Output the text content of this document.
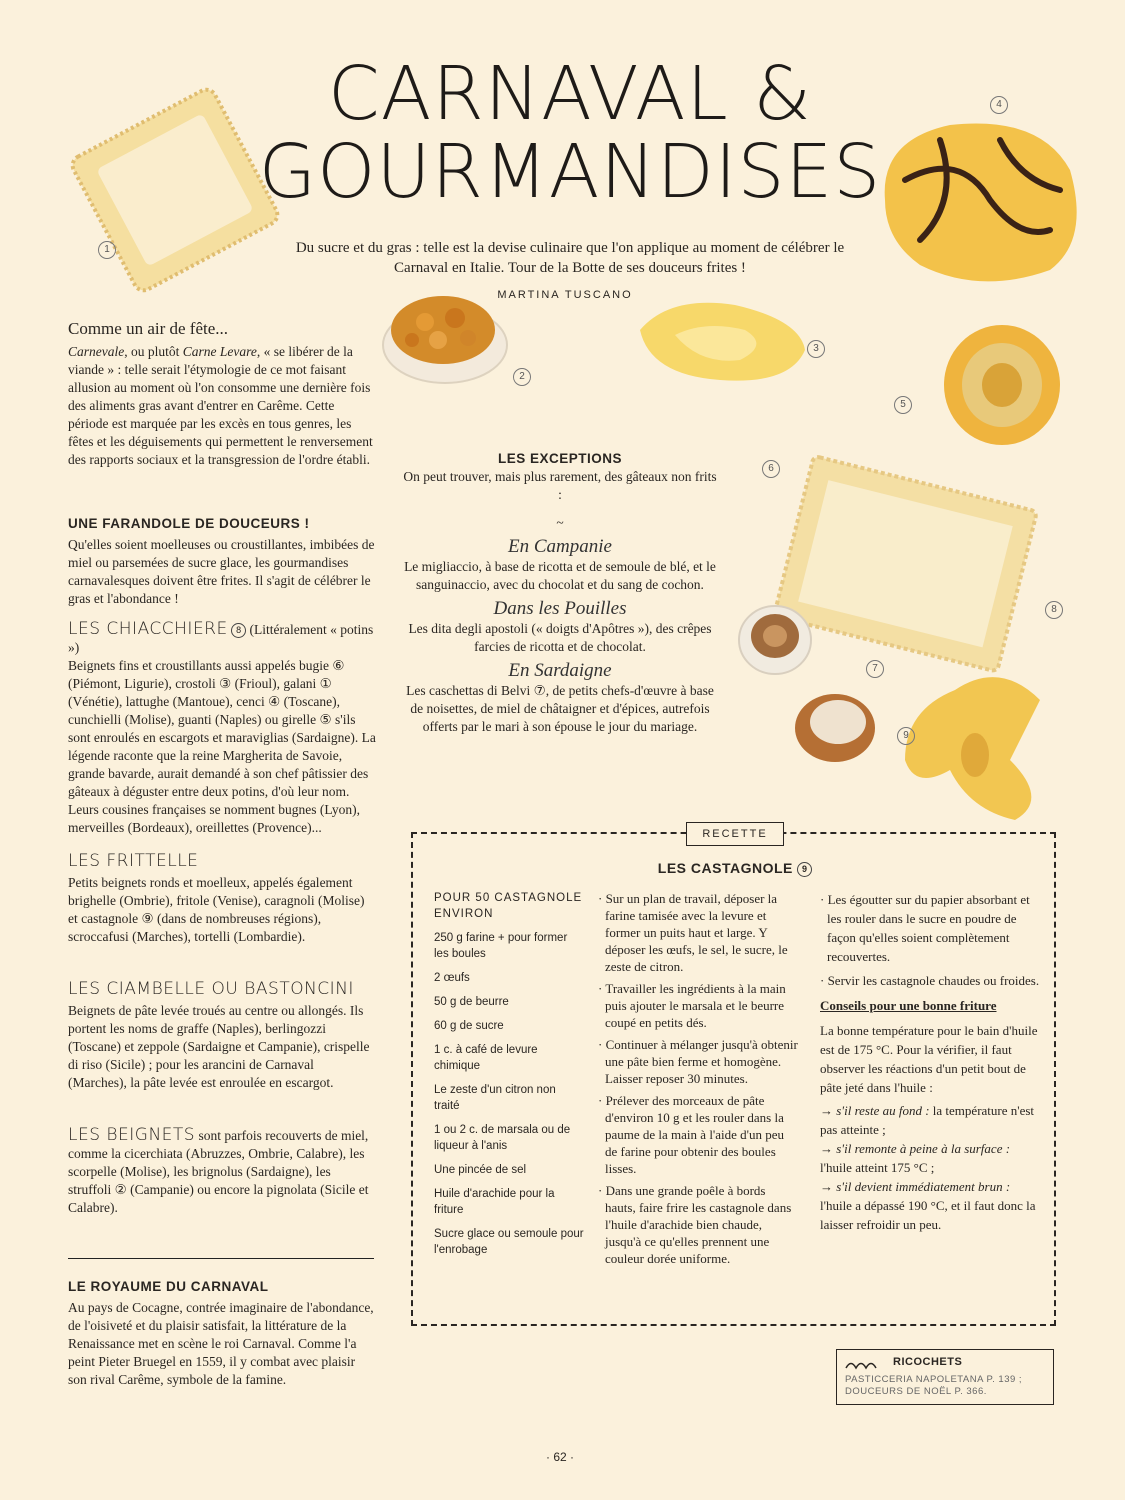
1
2
3
4
5
6
7
8
9
CARNAVAL &
GOURMANDISES
Du sucre et du gras : telle est la devise culinaire que l'on applique au moment de célébrer le Carnaval en Italie. Tour de la Botte de ses douceurs frites !
MARTINA TUSCANO
Comme un air de fête...

Carnevale, ou plutôt Carne Levare, « se libérer de la viande » : telle serait l'étymologie de ce mot faisant allusion au moment où l'on consomme une dernière fois des aliments gras avant d'entrer en Carême. Cette période est marquée par les excès en tous genres, les fêtes et les déguisements qui permettent le renversement des rapports sociaux et la transgression de l'ordre établi.

UNE FARANDOLE DE DOUCEURS !

Qu'elles soient moelleuses ou croustillantes, imbibées de miel ou parsemées de sucre glace, les gourmandises carnavalesques doivent être frites. Il s'agit de célébrer le gras et l'abondance !

LES CHIACCHIERE 8 (Littéralement « potins »)

Beignets fins et croustillants aussi appelés bugie ⑥ (Piémont, Ligurie), crostoli ③ (Frioul), galani ① (Vénétie), lattughe (Mantoue), cenci ④ (Toscane), cunchielli (Molise), guanti (Naples) ou girelle ⑤ s'ils sont enroulés en escargots et maraviglias (Sardaigne). La légende raconte que la reine Margherita de Savoie, grande bavarde, aurait demandé à son chef pâtissier des gâteaux à déguster entre deux potins, d'où leur nom. Leurs cousines françaises se nomment bugnes (Lyon), merveilles (Bordeaux), oreillettes (Provence)...

LES FRITTELLE

Petits beignets ronds et moelleux, appelés également brighelle (Ombrie), fritole (Venise), caragnoli (Molise) et castagnole ⑨ (dans de nombreuses régions), scroccafusi (Marches), tortelli (Lombardie).

LES CIAMBELLE OU BASTONCINI

Beignets de pâte levée troués au centre ou allongés. Ils portent les noms de graffe (Naples), berlingozzi (Toscane) et zeppole (Sardaigne et Campanie), crispelle di riso (Sicile) ; pour les arancini de Carnaval (Marches), la pâte levée est enroulée en escargot.

LES BEIGNETS sont parfois recouverts de miel, comme la cicerchiata (Abruzzes, Ombrie, Calabre), les scorpelle (Molise), les brignolus (Sardaigne), les struffoli ② (Campanie) ou encore la pignolata (Sicile et Calabre).

LE ROYAUME DU CARNAVAL

Au pays de Cocagne, contrée imaginaire de l'abondance, de l'oisiveté et du plaisir satisfait, la littérature de la Renaissance met en scène le roi Carnaval. Comme l'a peint Pieter Bruegel en 1559, il y combat avec plaisir son rival Carême, symbole de la famine.

LES EXCEPTIONS
On peut trouver, mais plus rarement, des gâteaux non frits :
~
En Campanie
Le migliaccio, à base de ricotta et de semoule de blé, et le sanguinaccio, avec du chocolat et du sang de cochon.
Dans les Pouilles
Les dita degli apostoli (« doigts d'Apôtres »), des crêpes farcies de ricotta et de chocolat.
En Sardaigne
Les caschettas di Belvi ⑦, de petits chefs-d'œuvre à base de noisettes, de miel de châtaigner et d'épices, autrefois offerts par le mari à son épouse le jour du mariage.
RECETTE
LES CASTAGNOLE 9
POUR 50 CASTAGNOLE ENVIRON
250 g farine + pour former les boules
2 œufs
50 g de beurre
60 g de sucre
1 c. à café de levure chimique
Le zeste d'un citron non traité
1 ou 2 c. de marsala ou de liqueur à l'anis
Une pincée de sel
Huile d'arachide pour la friture
Sucre glace ou semoule pour l'enrobage
· Sur un plan de travail, déposer la farine tamisée avec la levure et former un puits haut et large. Y déposer les œufs, le sel, le sucre, le zeste de citron.
· Travailler les ingrédients à la main puis ajouter le marsala et le beurre coupé en petits dés.
· Continuer à mélanger jusqu'à obtenir une pâte bien ferme et homogène. Laisser reposer 30 minutes.
· Prélever des morceaux de pâte d'environ 10 g et les rouler dans la paume de la main à l'aide d'un peu de farine pour obtenir des boules lisses.
· Dans une grande poêle à bords hauts, faire frire les castagnole dans l'huile d'arachide bien chaude, jusqu'à ce qu'elles prennent une couleur dorée uniforme.
· Les égoutter sur du papier absorbant et les rouler dans le sucre en poudre de façon qu'elles soient complètement recouvertes.
· Servir les castagnole chaudes ou froides.
Conseils pour une bonne friture
La bonne température pour le bain d'huile est de 175 °C. Pour la vérifier, il faut observer les réactions d'un petit bout de pâte jeté dans l'huile :
→ s'il reste au fond : la température n'est pas atteinte ;
→ s'il remonte à peine à la surface : l'huile atteint 175 °C ;
→ s'il devient immédiatement brun : l'huile a dépassé 190 °C, et il faut donc la laisser refroidir un peu.
RICOCHETS
PASTICCERIA NAPOLETANA P. 139 ;
DOUCEURS DE NOËL P. 366.
· 62 ·
